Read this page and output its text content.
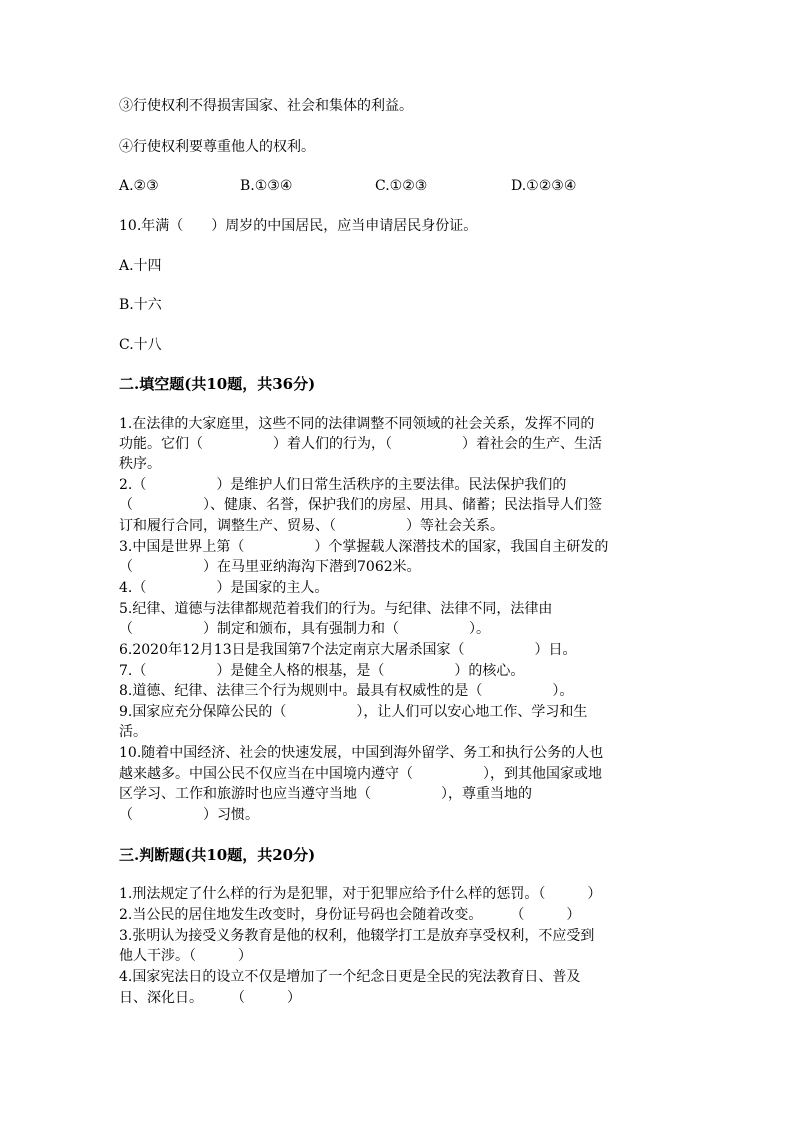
③行使权利不得损害国家、社会和集体的利益。
④行使权利要尊重他人的权利。
A.②③	B.①③④	C.①②③	D.①②③④
10.年满（　　）周岁的中国居民，应当申请居民身份证。
A.十四
B.十六
C.十八
二.填空题(共10题，共36分)
1.在法律的大家庭里，这些不同的法律调整不同领域的社会关系，发挥不同的
功能。它们（　　　　　）着人们的行为，（　　　　　）着社会的生产、生活
秩序。
2.（　　　　　）是维护人们日常生活秩序的主要法律。民法保护我们的
（　　　　　）、健康、名誉，保护我们的房屋、用具、储蓄；民法指导人们签
订和履行合同，调整生产、贸易、（　　　　　）等社会关系。
3.中国是世界上第（　　　　　）个掌握载人深潜技术的国家，我国自主研发的
（　　　　　）在马里亚纳海沟下潜到7062米。
4.（　　　　　）是国家的主人。
5.纪律、道德与法律都规范着我们的行为。与纪律、法律不同，法律由
（　　　　　）制定和颁布，具有强制力和（　　　　　）。
6.2020年12月13日是我国第7个法定南京大屠杀国家（　　　　　）日。
7.（　　　　　）是健全人格的根基，是（　　　　　）的核心。
8.道德、纪律、法律三个行为规则中。最具有权威性的是（　　　　　）。
9.国家应充分保障公民的（　　　　　），让人们可以安心地工作、学习和生
活。
10.随着中国经济、社会的快速发展，中国到海外留学、务工和执行公务的人也
越来越多。中国公民不仅应当在中国境内遵守（　　　　　），到其他国家或地
区学习、工作和旅游时也应当遵守当地（　　　　　），尊重当地的
（　　　　　）习惯。
三.判断题(共10题，共20分)
1.刑法规定了什么样的行为是犯罪，对于犯罪应给予什么样的惩罚。（　　　）
2.当公民的居住地发生改变时，身份证号码也会随着改变。　　　（　　　）
3.张明认为接受义务教育是他的权利，他辍学打工是放弃享受权利，不应受到
他人干涉。（　　　）
4.国家宪法日的设立不仅是增加了一个纪念日更是全民的宪法教育日、普及
日、深化日。　　　（　　　）
